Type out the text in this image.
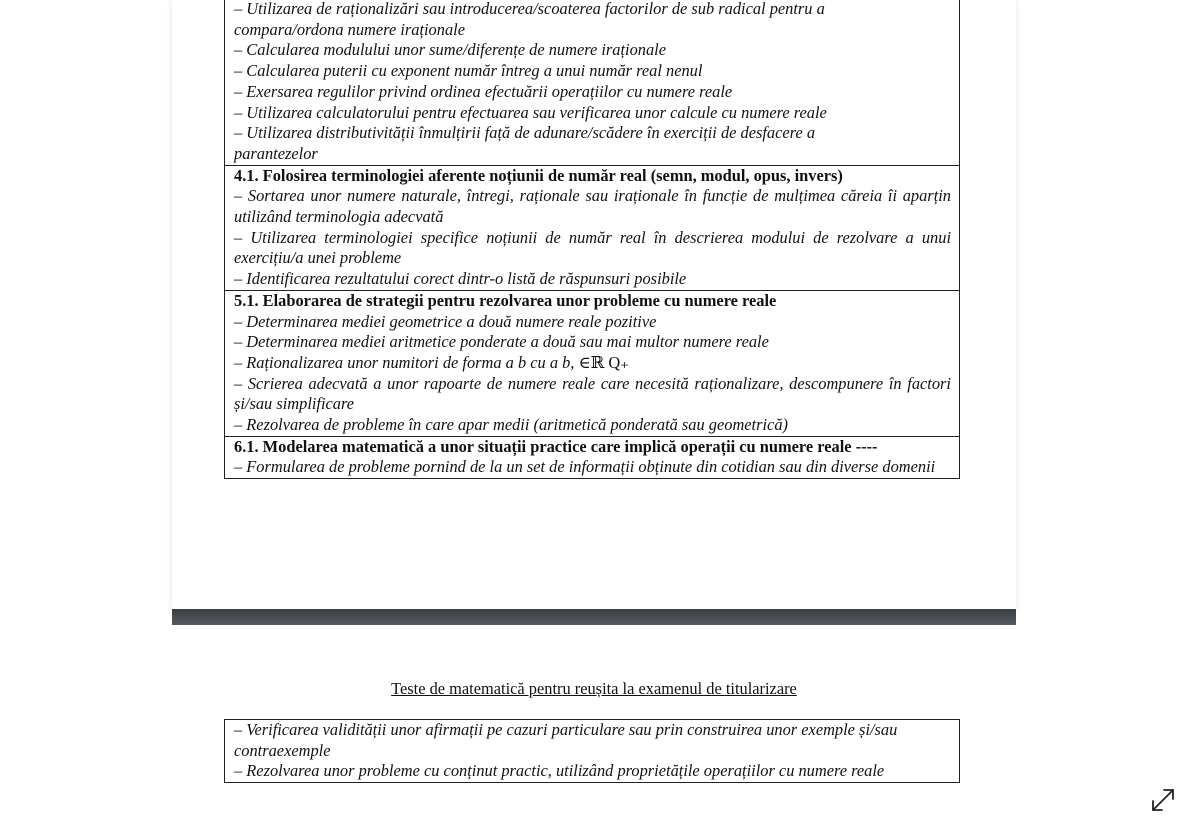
– Utilizarea de raționalizări sau introducerea/scoaterea factorilor de sub radical pentru a
compara/ordona numere iraționale
– Calcularea modulului unor sume/diferențe de numere iraționale
– Calcularea puterii cu exponent număr întreg a unui număr real nenul
– Exersarea regulilor privind ordinea efectuării operațiilor cu numere reale
– Utilizarea calculatorului pentru efectuarea sau verificarea unor calcule cu numere reale
– Utilizarea distributivității înmulțirii față de adunare/scădere în exerciții de desfacere a
parantezelor
4.1. Folosirea terminologiei aferente noțiunii de număr real (semn, modul, opus, invers)
– Sortarea unor numere naturale, întregi, raționale sau iraționale în funcție de mulțimea căreia îi aparțin utilizând terminologia adecvată
– Utilizarea terminologiei specifice noțiunii de număr real în descrierea modului de rezolvare a unui exercițiu/a unei probleme
– Identificarea rezultatului corect dintr-o listă de răspunsuri posibile
5.1. Elaborarea de strategii pentru rezolvarea unor probleme cu numere reale
– Determinarea mediei geometrice a două numere reale pozitive
– Determinarea mediei aritmetice ponderate a două sau mai multor numere reale
– Raționalizarea unor numitori de forma a b cu a b, ∈ℝ Q₊
– Scrierea adecvată a unor rapoarte de numere reale care necesită raționalizare, descompunere în factori și/sau simplificare
– Rezolvarea de probleme în care apar medii (aritmetică ponderată sau geometrică)
6.1. Modelarea matematică a unor situații practice care implică operații cu numere reale ----
– Formularea de probleme pornind de la un set de informații obținute din cotidian sau din diverse domenii
Teste de matematică pentru reușita la examenul de titularizare
– Verificarea validității unor afirmații pe cazuri particulare sau prin construirea unor exemple și/sau contraexemple
– Rezolvarea unor probleme cu conținut practic, utilizând proprietățile operațiilor cu numere reale
